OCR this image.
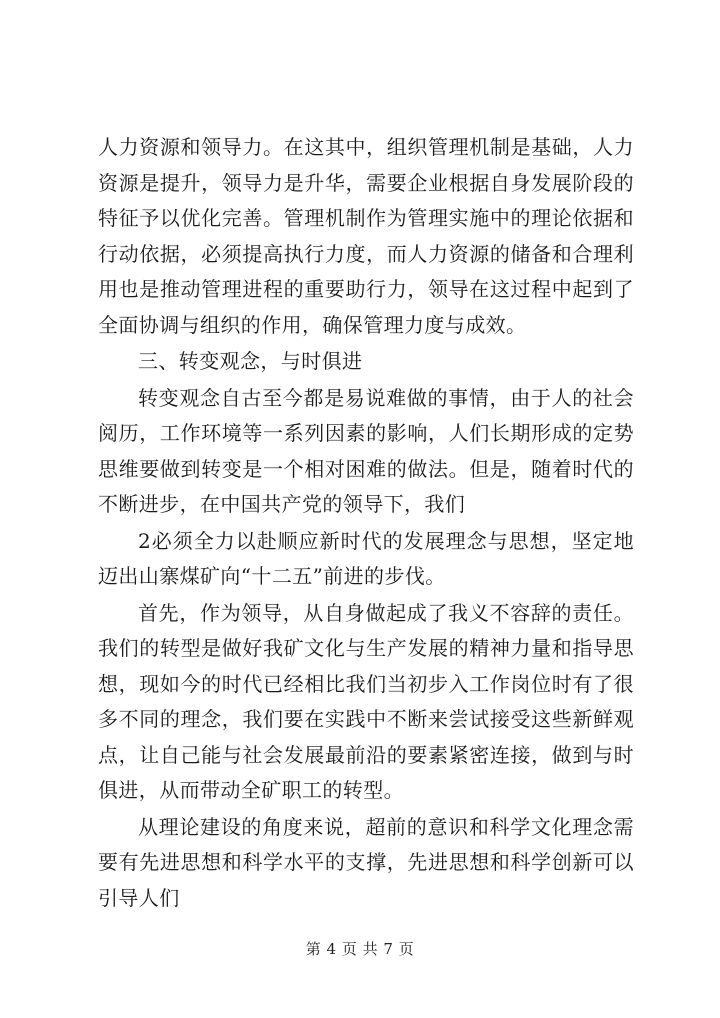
人力资源和领导力。在这其中，组织管理机制是基础，人力资源是提升，领导力是升华，需要企业根据自身发展阶段的特征予以优化完善。管理机制作为管理实施中的理论依据和行动依据，必须提高执行力度，而人力资源的储备和合理利用也是推动管理进程的重要助行力，领导在这过程中起到了全面协调与组织的作用，确保管理力度与成效。

三、转变观念，与时俱进

转变观念自古至今都是易说难做的事情，由于人的社会阅历，工作环境等一系列因素的影响，人们长期形成的定势思维要做到转变是一个相对困难的做法。但是，随着时代的不断进步，在中国共产党的领导下，我们

2必须全力以赴顺应新时代的发展理念与思想，坚定地迈出山寨煤矿向“十二五”前进的步伐。

首先，作为领导，从自身做起成了我义不容辞的责任。我们的转型是做好我矿文化与生产发展的精神力量和指导思想，现如今的时代已经相比我们当初步入工作岗位时有了很多不同的理念，我们要在实践中不断来尝试接受这些新鲜观点，让自己能与社会发展最前沿的要素紧密连接，做到与时俱进，从而带动全矿职工的转型。

从理论建设的角度来说，超前的意识和科学文化理念需要有先进思想和科学水平的支撑，先进思想和科学创新可以引导人们

第 4 页 共 7 页
